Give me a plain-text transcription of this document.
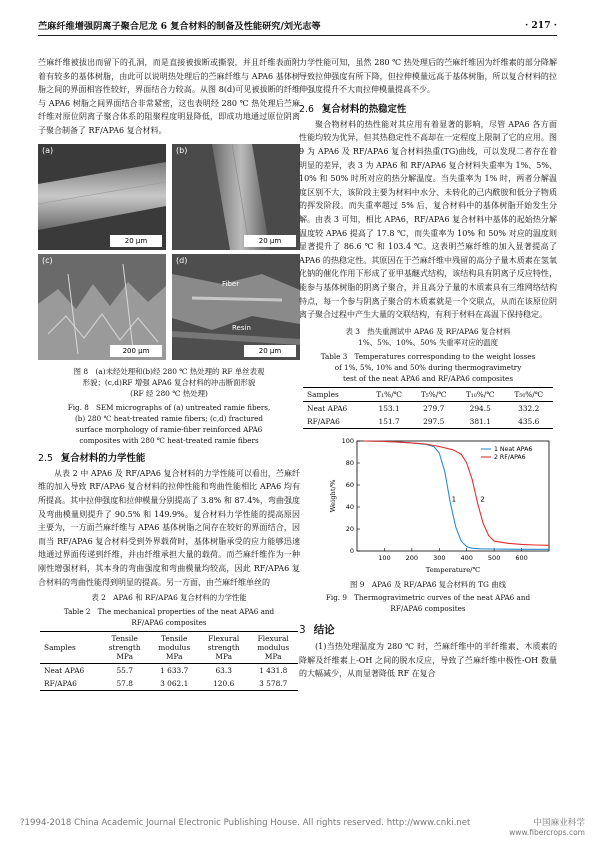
苎麻纤维增强阴离子聚合尼龙 6 复合材料的制备及性能研究/刘光志等	· 217 ·

苎麻纤维被拔出而留下的孔洞，而是直接被拔断或撕裂，并且纤维表面附着有较多的基体树脂，由此可以说明热处理后的苎麻纤维与 APA6 基体树脂之间的界面相容性较好，界面结合力较高。从图 8(d)可见被拔断的纤维与 APA6 树脂之间界面结合非常紧密，这也表明经 280 ℃ 热处理后苎麻纤维对原位阴离子聚合体系的阻聚程度明显降低，即成功地通过原位阴离子聚合制备了 RF/APA6 复合材料。

(a)
20 μm
(b)
20 μm
(c)
200 μm
(d)
Fiber
Resin
20 μm
图 8　(a)未经处理和(b)经 280 ℃ 热处理的 RF 单丝表观
形貌；(c,d)RF 增强 APA6 复合材料的冲击断面形貌
(RF 经 280 ℃ 热处理)
Fig. 8　SEM micrographs of (a) untreated ramie fibers,
(b) 280 ℃ heat-treated ramie fibers; (c,d) fractured
surface morphology of ramie-fiber reinforced APA6
composites with 280 ℃ heat-treated ramie fibers
2.5 复合材料的力学性能

从表 2 中 APA6 及 RF/APA6 复合材料的力学性能可以看出，苎麻纤维的加入导致 RF/APA6 复合材料的拉伸性能和弯曲性能相比 APA6 均有所提高。其中拉伸强度和拉伸模量分别提高了 3.8% 和 87.4%，弯曲强度及弯曲模量则提升了 90.5% 和 149.9%。复合材料力学性能的提高原因主要为，一方面苎麻纤维与 APA6 基体树脂之间存在较好的界面结合，因而当 RF/APA6 复合材料受到外界载荷时，基体树脂承受的应力能够迅速地通过界面传递到纤维，并由纤维承担大量的载荷。而苎麻纤维作为一种刚性增强材料，其本身的弯曲强度和弯曲模量均较高，因此 RF/APA6 复合材料的弯曲性能得到明显的提高。另一方面，由苎麻纤维单丝的

表 2　APA6 和 RF/APA6 复合材料的力学性能
Table 2　The mechanical properties of the neat APA6 and
RF/APA6 composites
Samples	Tensile
strength
MPa	Tensile
modulus
MPa	Flexural
strength
MPa	Flexural
modulus
MPa
Neat APA6	55.7	1 633.7	63.3	1 431.8
RF/APA6	57.8	3 062.1	120.6	3 578.7

力学性能可知，虽然 280 ℃ 热处理后的苎麻纤维因为纤维素的部分降解导致拉伸强度有所下降，但拉伸模量远高于基体树脂，所以复合材料的拉伸强度提升不大而拉伸模量提高不少。

2.6 复合材料的热稳定性

聚合物材料的热性能对其应用有着显著的影响，尽管 APA6 各方面性能均较为优异，但其热稳定性不高却在一定程度上限制了它的应用。图 9 为 APA6 及 RF/APA6 复合材料热重(TG)曲线，可以发现二者存在着明显的差异，表 3 为 APA6 和 RF/APA6 复合材料失重率为 1%、5%、10% 和 50% 时所对应的热分解温度。当失重率为 1% 时，两者分解温度区别不大，该阶段主要为材料中水分、未转化的己内酰胺和低分子物质的挥发阶段。而失重率超过 5% 后，复合材料中的基体树脂开始发生分解。由表 3 可知，相比 APA6，RF/APA6 复合材料中基体的起始热分解温度较 APA6 提高了 17.8 ℃，而失重率为 10% 和 50% 对应的温度则显著提升了 86.6 ℃ 和 103.4 ℃。这表明苎麻纤维的加入显著提高了 APA6 的热稳定性。其原因在于苎麻纤维中残留的高分子量木质素在氢氧化钠的催化作用下形成了亚甲基醚式结构，该结构具有阴离子反应特性，能参与基体树脂的阴离子聚合，并且高分子量的木质素具有三维网络结构特点，每一个参与阴离子聚合的木质素就是一个交联点，从而在该原位阴离子聚合过程中产生大量的交联结构，有利于材料在高温下保持稳定。

表 3　热失重测试中 APA6 及 RF/APA6 复合材料
1%、5%、10%、50% 失重率对应的温度
Table 3　Temperatures corresponding to the weight losses
of 1%, 5%, 10% and 50% during thermogravimetry
test of the neat APA6 and RF/APA6 composites
Samples	T₁%/℃	T₅%/℃	T₁₀%/℃	T₅₀%/℃
Neat APA6	153.1	279.7	294.5	332.2
RF/APA6	151.7	297.5	381.1	435.6
100 200 300 400 500 600
0
20
40
60
80
100
Temperature/℃
Weight/%	1	2
1 Neat APA6
2 RF/APA6
图 9　APA6 及 RF/APA6 复合材料的 TG 曲线
Fig. 9　Thermogravimetric curves of the neat APA6 and
RF/APA6 composites
3 结论

(1)当热处理温度为 280 ℃ 时，苎麻纤维中的半纤维素、木质素的降解及纤维素上-OH 之间的脱水反应，导致了苎麻纤维中极性-OH 数量的大幅减少，从而显著降低 RF 在复合

?1994-2018 China Academic Journal Electronic Publishing House. All rights reserved. http://www.cnki.net	中国麻业科学
www.fibercrops.com
